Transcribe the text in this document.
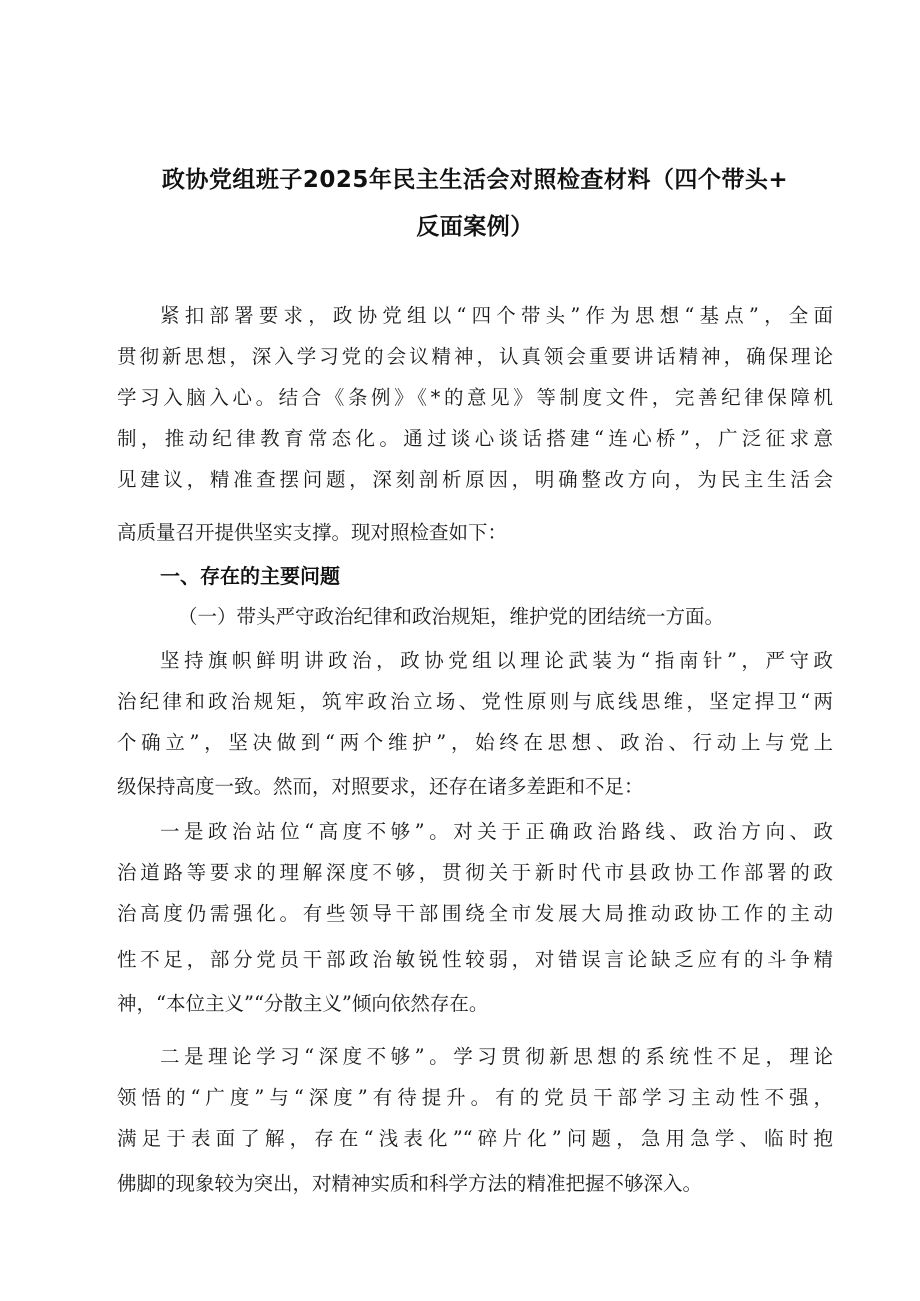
政协党组班子2025年民主生活会对照检查材料（四个带头+
反面案例）
紧扣部署要求，政协党组以“四个带头”作为思想“基点”，全面
贯彻新思想，深入学习党的会议精神，认真领会重要讲话精神，确保理论
学习入脑入心。结合《条例》《*的意见》等制度文件，完善纪律保障机
制，推动纪律教育常态化。通过谈心谈话搭建“连心桥”，广泛征求意
见建议，精准查摆问题，深刻剖析原因，明确整改方向，为民主生活会
高质量召开提供坚实支撑。现对照检查如下：
一、存在的主要问题
（一）带头严守政治纪律和政治规矩，维护党的团结统一方面。
坚持旗帜鲜明讲政治，政协党组以理论武装为“指南针”，严守政
治纪律和政治规矩，筑牢政治立场、党性原则与底线思维，坚定捍卫“两
个确立”，坚决做到“两个维护”，始终在思想、政治、行动上与党上
级保持高度一致。然而，对照要求，还存在诸多差距和不足：
一是政治站位“高度不够”。对关于正确政治路线、政治方向、政
治道路等要求的理解深度不够，贯彻关于新时代市县政协工作部署的政
治高度仍需强化。有些领导干部围绕全市发展大局推动政协工作的主动
性不足，部分党员干部政治敏锐性较弱，对错误言论缺乏应有的斗争精
神，“本位主义”“分散主义”倾向依然存在。
二是理论学习“深度不够”。学习贯彻新思想的系统性不足，理论
领悟的“广度”与“深度”有待提升。有的党员干部学习主动性不强，
满足于表面了解，存在“浅表化”“碎片化”问题，急用急学、临时抱
佛脚的现象较为突出，对精神实质和科学方法的精准把握不够深入。
